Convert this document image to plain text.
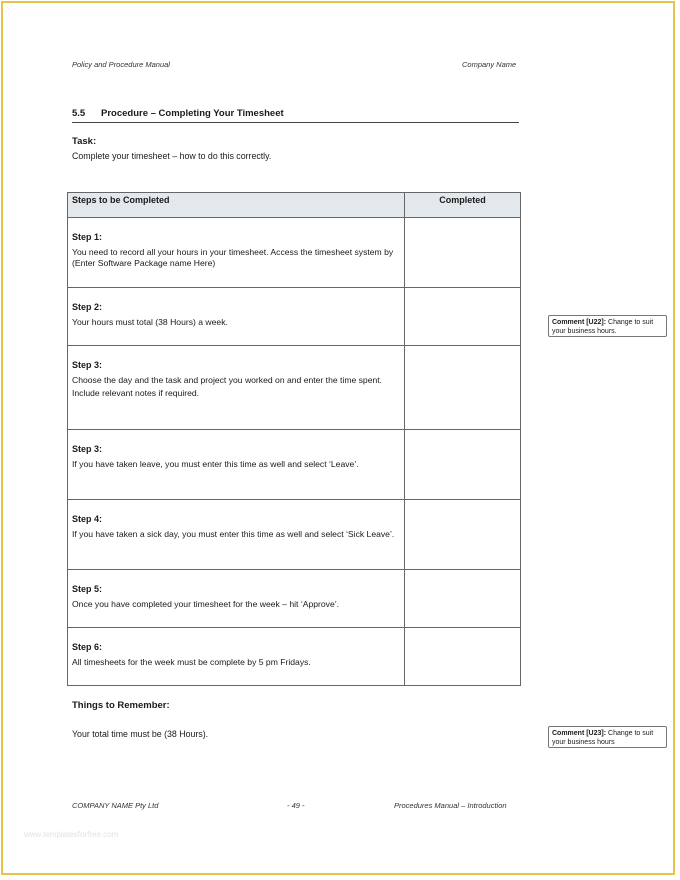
Policy and Procedure Manual	Company Name
5.5 Procedure – Completing Your Timesheet
Task:
Complete your timesheet – how to do this correctly.
Steps to be Completed	Completed

Step 1:
You need to record all your hours in your timesheet. Access the timesheet system by (Enter Software Package name Here)	

Step 2:
Your hours must total (38 Hours) a week.	

Step 3:
Choose the day and the task and project you worked on and enter the time spent.
Include relevant notes if required.	

Step 3:
If you have taken leave, you must enter this time as well and select ‘Leave’.	

Step 4:
If you have taken a sick day, you must enter this time as well and select ‘Sick Leave’.	

Step 5:
Once you have completed your timesheet for the week – hit ‘Approve’.	

Step 6:
All timesheets for the week must be complete by 5 pm Fridays.	

Comment [U22]: Change to suit your business hours.
Things to Remember:
Your total time must be (38 Hours).	Comment [U23]: Change to suit your business hours
COMPANY NAME Pty Ltd	- 49 -	Procedures Manual – Introduction
www.templatesforfree.com
